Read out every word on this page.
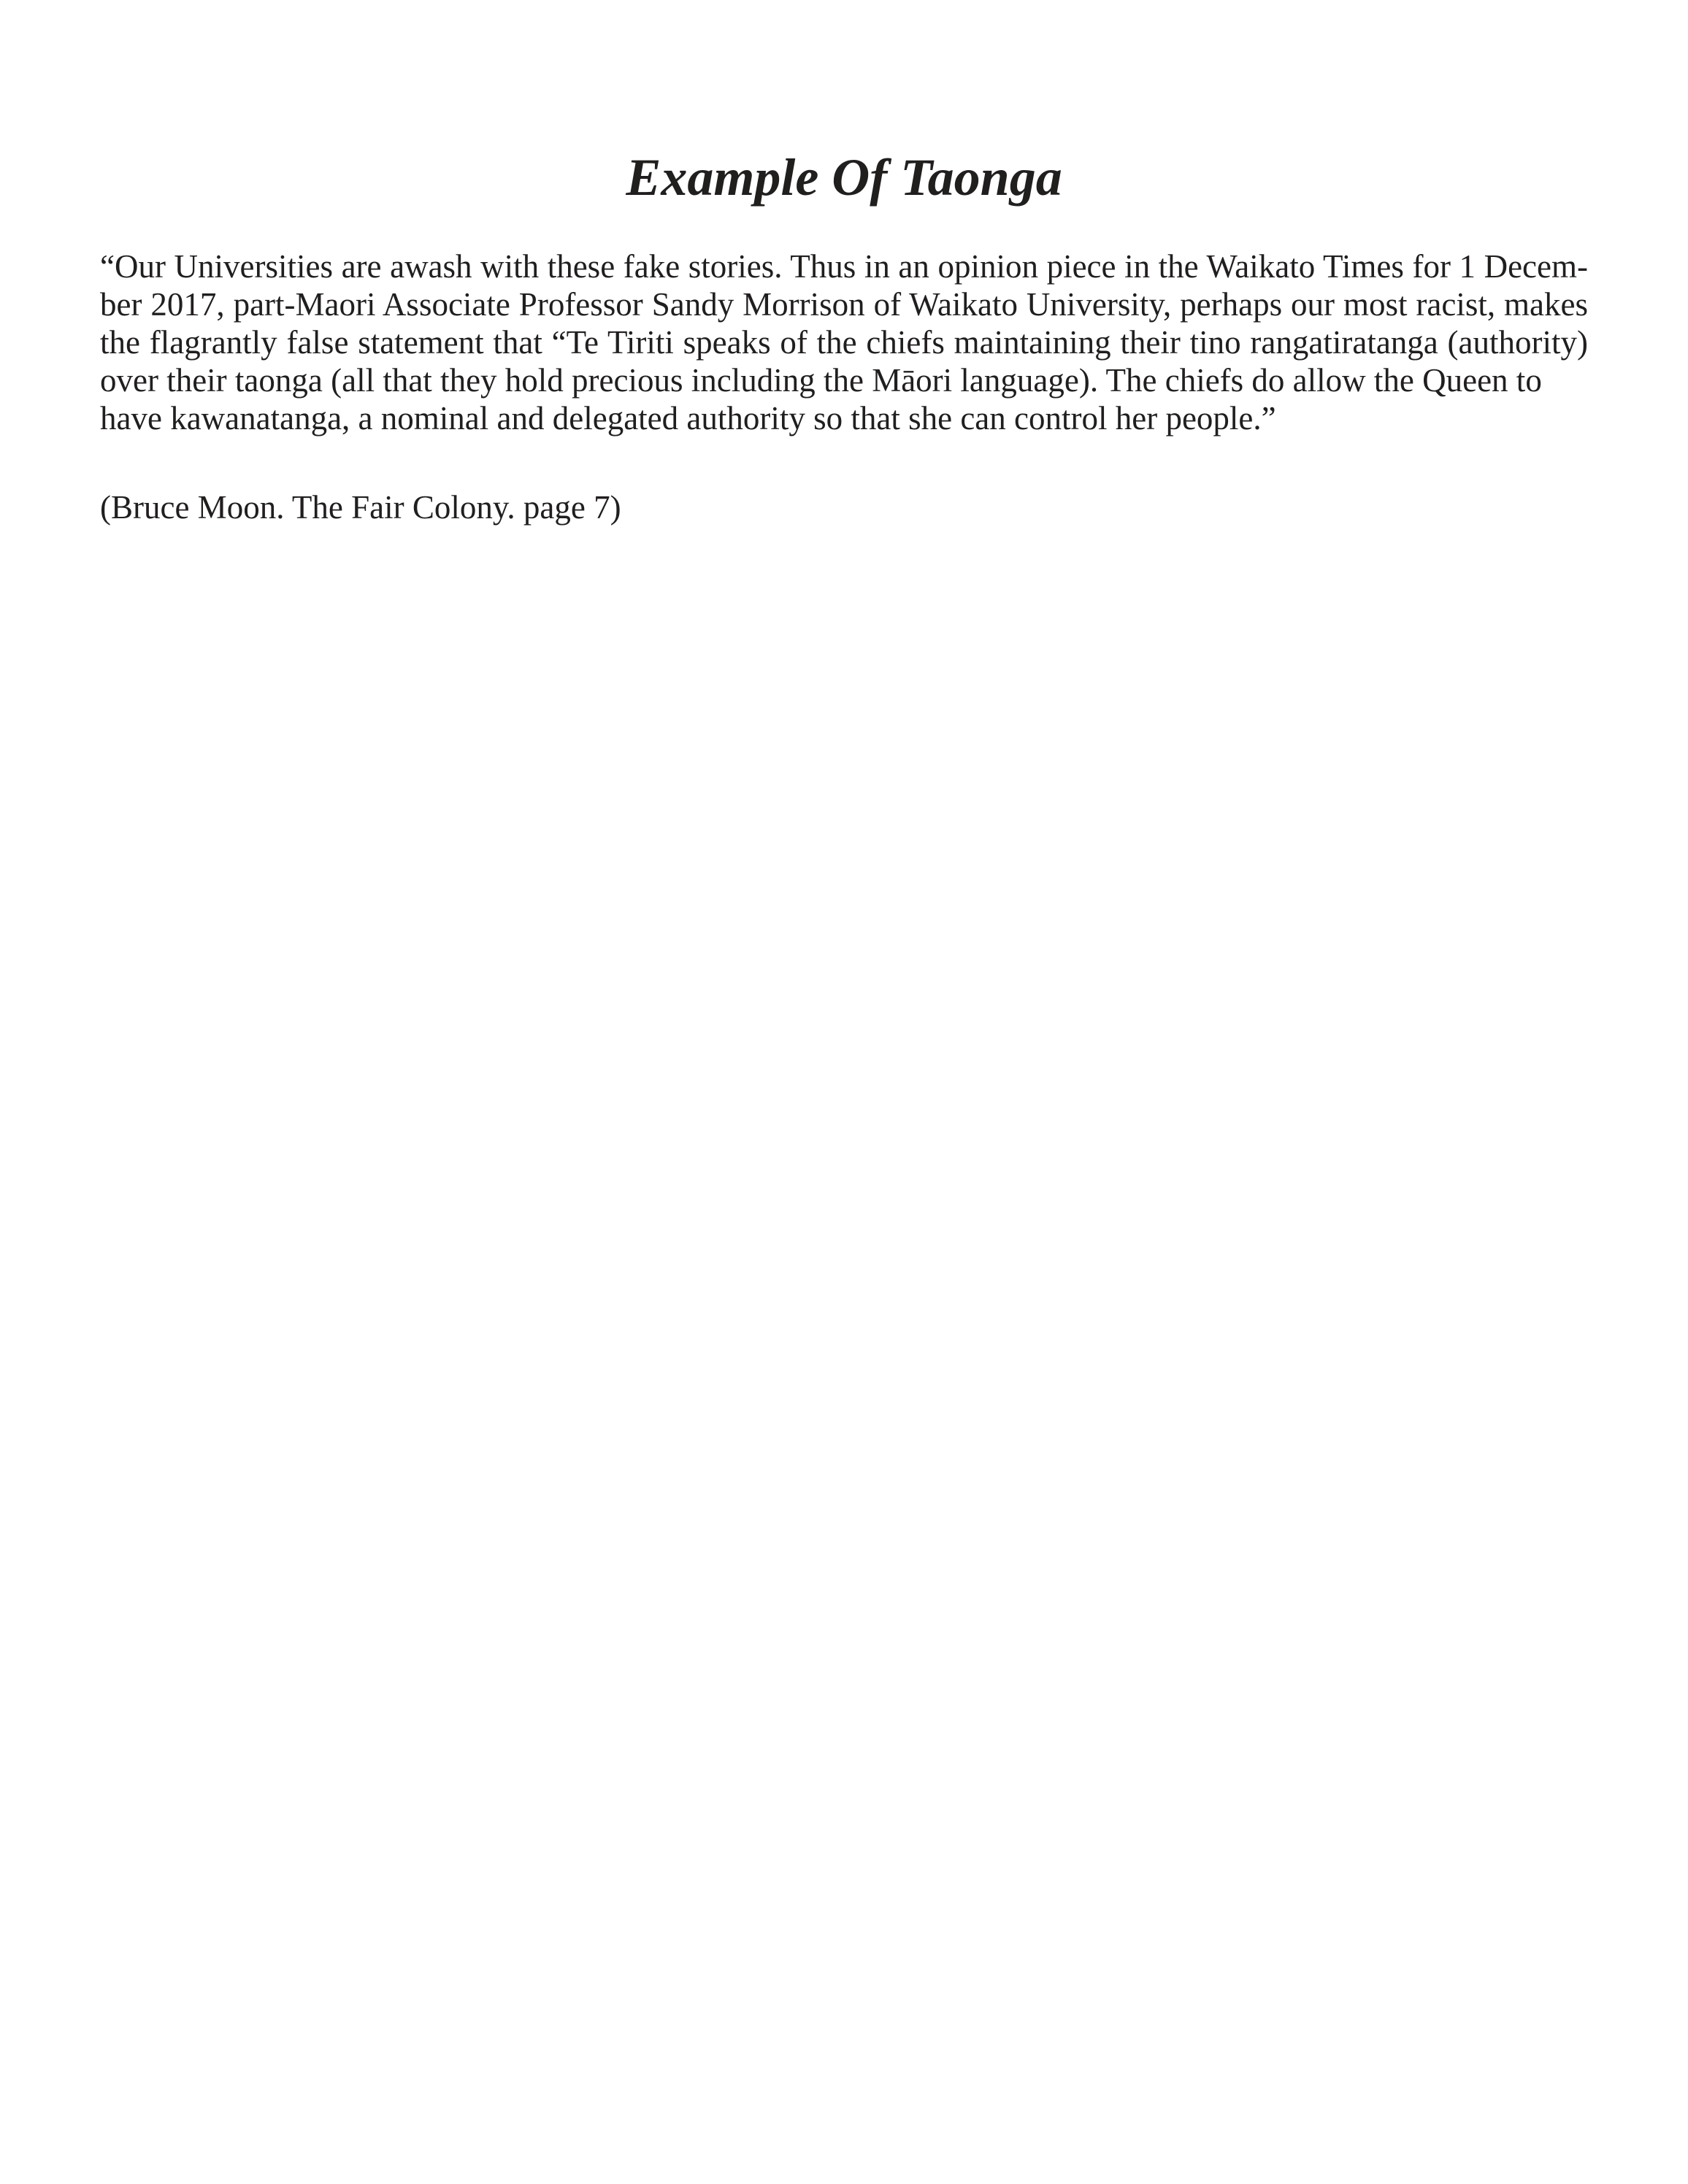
Example Of Taonga
“Our Universities are awash with these fake stories. Thus in an opinion piece in the Waikato Times for 1 Decem-
ber 2017, part-Maori Associate Professor Sandy Morrison of Waikato University, perhaps our most racist, makes
the flagrantly false statement that “Te Tiriti speaks of the chiefs maintaining their tino rangatiratanga (authority)
over their taonga (all that they hold precious including the Māori language). The chiefs do allow the Queen to
have kawanatanga, a nominal and delegated authority so that she can control her people.”

(Bruce Moon. The Fair Colony. page 7)
